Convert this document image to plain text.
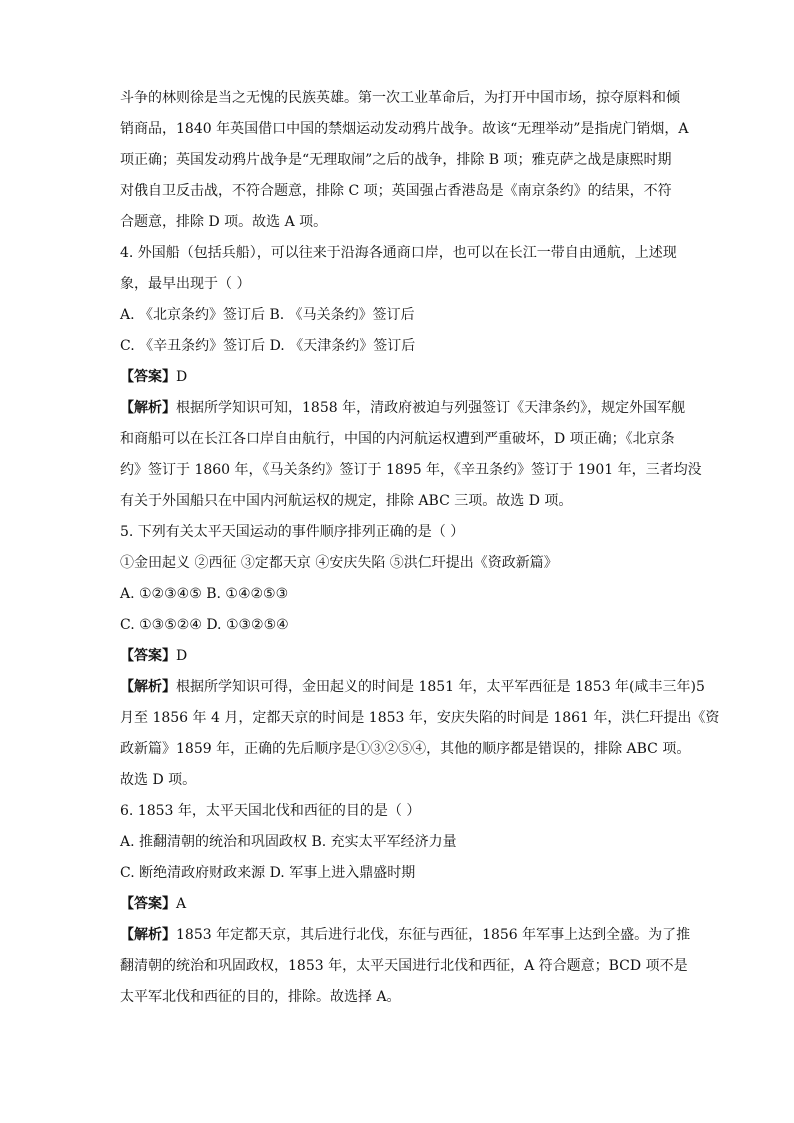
斗争的林则徐是当之无愧的民族英雄。第一次工业革命后，为打开中国市场，掠夺原料和倾
销商品，1840 年英国借口中国的禁烟运动发动鸦片战争。故该“无理举动”是指虎门销烟，A
项正确；英国发动鸦片战争是“无理取闹”之后的战争，排除 B 项；雅克萨之战是康熙时期
对俄自卫反击战，不符合题意，排除 C 项；英国强占香港岛是《南京条约》的结果，不符
合题意，排除 D 项。故选 A 项。
4. 外国船（包括兵船），可以往来于沿海各通商口岸，也可以在长江一带自由通航，上述现
象，最早出现于（ ）
A. 《北京条约》签订后 B. 《马关条约》签订后
C. 《辛丑条约》签订后 D. 《天津条约》签订后
【答案】D
【解析】根据所学知识可知，1858 年，清政府被迫与列强签订《天津条约》，规定外国军舰
和商船可以在长江各口岸自由航行，中国的内河航运权遭到严重破坏，D 项正确；《北京条
约》签订于 1860 年，《马关条约》签订于 1895 年，《辛丑条约》签订于 1901 年，三者均没
有关于外国船只在中国内河航运权的规定，排除 ABC 三项。故选 D 项。
5. 下列有关太平天国运动的事件顺序排列正确的是（ ）
①金田起义 ②西征 ③定都天京 ④安庆失陷 ⑤洪仁玕提出《资政新篇》
A. ①②③④⑤ B. ①④②⑤③
C. ①③⑤②④ D. ①③②⑤④
【答案】D
【解析】根据所学知识可得，金田起义的时间是 1851 年，太平军西征是 1853 年(咸丰三年)5
月至 1856 年 4 月，定都天京的时间是 1853 年，安庆失陷的时间是 1861 年，洪仁玕提出《资
政新篇》1859 年，正确的先后顺序是①③②⑤④，其他的顺序都是错误的，排除 ABC 项。
故选 D 项。
6. 1853 年，太平天国北伐和西征的目的是（ ）
A. 推翻清朝的统治和巩固政权 B. 充实太平军经济力量
C. 断绝清政府财政来源 D. 军事上进入鼎盛时期
【答案】A
【解析】1853 年定都天京，其后进行北伐，东征与西征，1856 年军事上达到全盛。为了推
翻清朝的统治和巩固政权，1853 年，太平天国进行北伐和西征，A 符合题意；BCD 项不是
太平军北伐和西征的目的，排除。故选择 A。
